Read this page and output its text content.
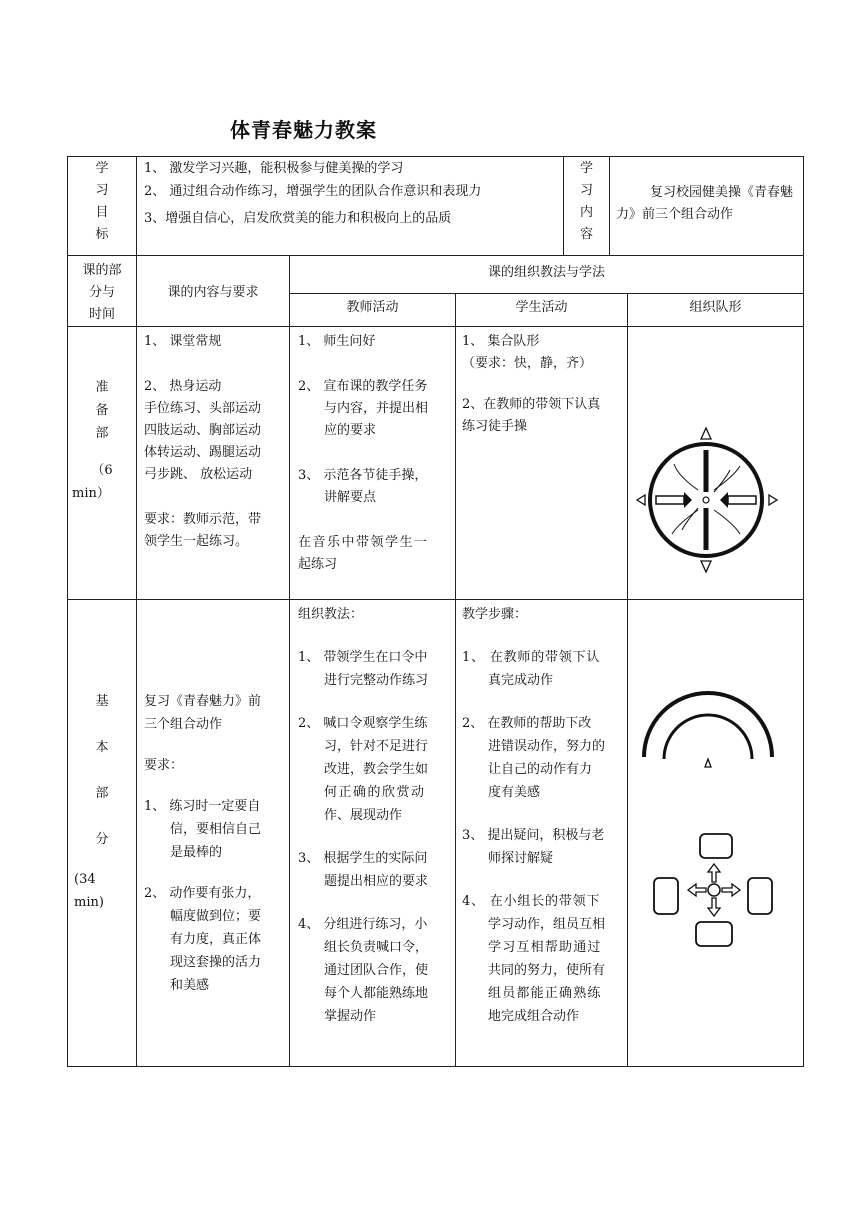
体青春魅力教案
学
习
目
标
1、 激发学习兴趣，能积极参与健美操的学习
2、 通过组合动作练习，增强学生的团队合作意识和表现力
3、增强自信心，启发欣赏美的能力和积极向上的品质
学
习
内
容
复习校园健美操《青春魅力》前三个组合动作
课的部
分与
时间
课的内容与要求
课的组织教法与学法
教师活动	学生活动	组织队形
准
备
部
（6
min）
1、 课堂常规
2、 热身运动
手位练习、头部运动
四肢运动、胸部运动
体转运动、踢腿运动
弓步跳、 放松运动
要求：教师示范，带
领学生一起练习。
1、 师生问好
2、 宣布课的教学任务
与内容，并提出相
应的要求
3、 示范各节徒手操，
讲解要点
在音乐中带领学生一
起练习
1、 集合队形
（要求：快，静，齐）
2、在教师的带领下认真
练习徒手操
基
本
部
分
(34
min)
复习《青春魅力》前
三个组合动作
要求：
1、 练习时一定要自
信，要相信自己
是最棒的
2、 动作要有张力，
幅度做到位；要
有力度，真正体
现这套操的活力
和美感
组织教法：
1、 带领学生在口令中
进行完整动作练习
2、 喊口令观察学生练
习，针对不足进行
改进，教会学生如
何正确的欣赏动
作、展现动作
3、 根据学生的实际问
题提出相应的要求
4、 分组进行练习，小
组长负责喊口令，
通过团队合作，使
每个人都能熟练地
掌握动作
教学步骤：
1、 在教师的带领下认
真完成动作
2、 在教师的帮助下改
进错误动作，努力的
让自己的动作有力
度有美感
3、 提出疑问，积极与老
师探讨解疑
4、 在小组长的带领下
学习动作，组员互相
学习互相帮助通过
共同的努力，使所有
组员都能正确熟练
地完成组合动作
